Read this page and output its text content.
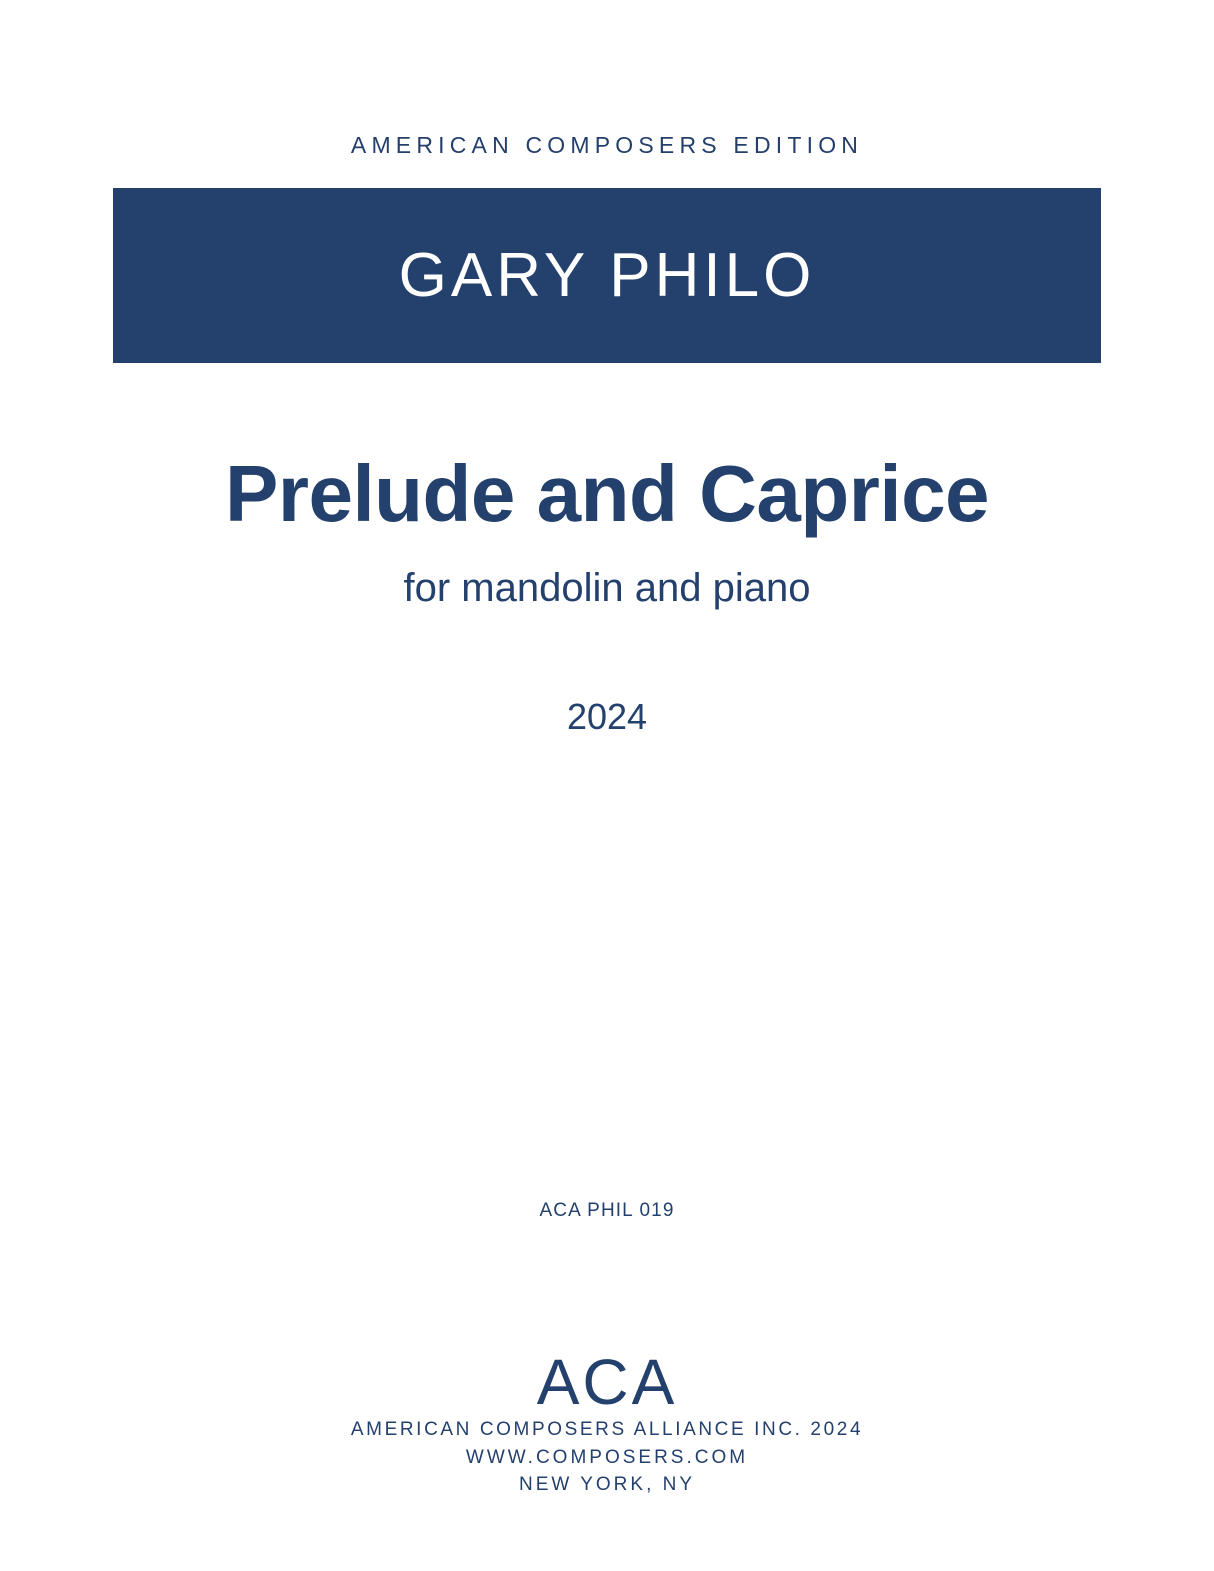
AMERICAN COMPOSERS EDITION
GARY PHILO
Prelude and Caprice
for mandolin and piano
2024
ACA PHIL 019
ACA
AMERICAN COMPOSERS ALLIANCE INC. 2024
WWW.COMPOSERS.COM
NEW YORK, NY
